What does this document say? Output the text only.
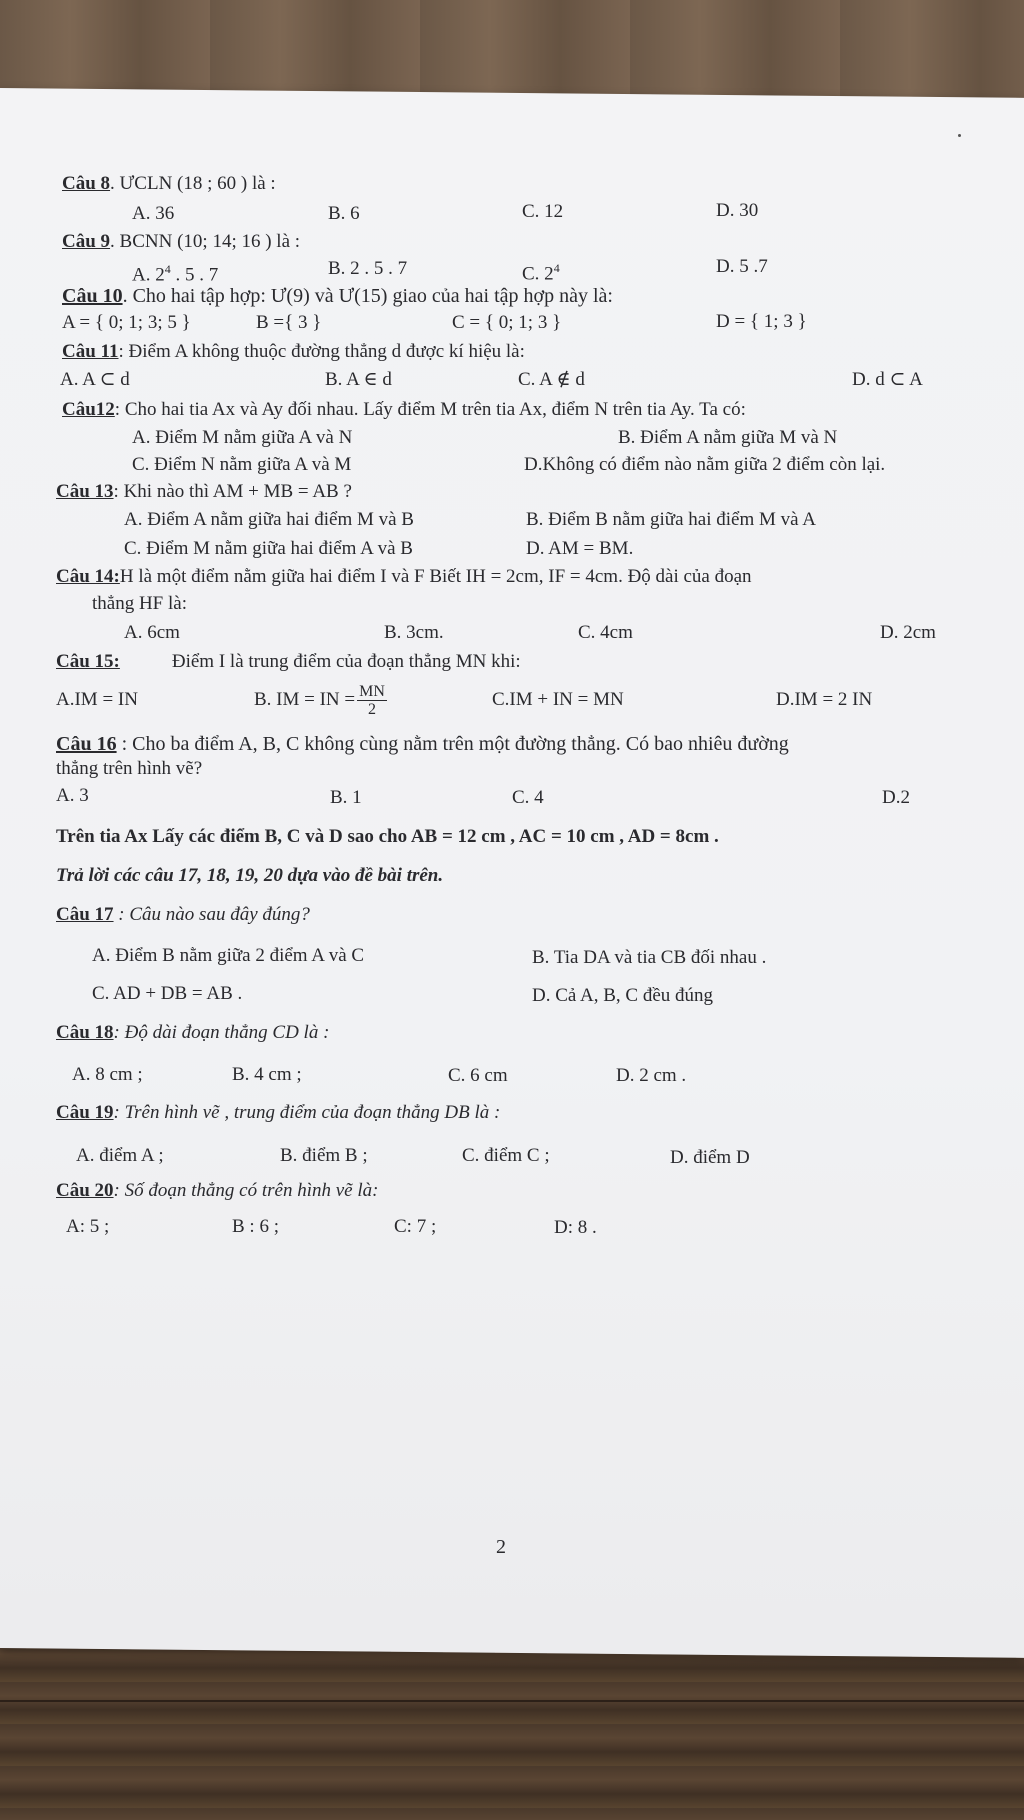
Câu 8. ƯCLN (18 ; 60 ) là :
A. 36	B. 6	C. 12	D. 30
Câu 9. BCNN (10; 14; 16 ) là :
A. $2^4$ . 5 . 7	B. 2 . 5 . 7	C. $2^4$	D. 5 .7
Câu 10. Cho hai tập hợp: Ư(9) và Ư(15) giao của hai tập hợp này là:
A = { 0; 1; 3; 5 }	B ={ 3 }	C = { 0; 1; 3 }	D = { 1; 3 }
Câu 11: Điểm A không thuộc đường thẳng d được kí hiệu là:
A. A ⊂ d	B. A ∈ d	C. A ∉ d	D. d ⊂ A
Câu12: Cho hai tia Ax và Ay đối nhau. Lấy điểm M trên tia Ax, điểm N trên tia Ay. Ta có:
A. Điểm M nằm giữa A và N	B. Điểm A nằm giữa M và N
C. Điểm N nằm giữa A và M	D.Không có điểm nào nằm giữa 2 điểm còn lại.
Câu 13: Khi nào thì AM + MB = AB ?
A. Điểm A nằm giữa hai điểm M và B	B. Điểm B nằm giữa hai điểm M và A
C. Điểm M nằm giữa hai điểm A và B	D. AM = BM.
Câu 14:H là một điểm nằm giữa hai điểm I và F Biết IH = 2cm, IF = 4cm. Độ dài của đoạn
thẳng HF là:
A. 6cm	B. 3cm.	C. 4cm	D. 2cm
Câu 15:	Điểm I là trung điểm của đoạn thẳng MN khi:
A.IM = IN	B. IM = IN = $\frac{MN}{2}$	C.IM + IN = MN	D.IM = 2 IN
Câu 16 : Cho ba điểm A, B, C không cùng nằm trên một đường thẳng. Có bao nhiêu đường
thẳng trên hình vẽ?
A. 3	B. 1	C. 4	D.2
Trên tia Ax Lấy các điểm B, C và D sao cho AB = 12 cm , AC = 10 cm , AD = 8cm .
Trả lời các câu 17, 18, 19, 20 dựa vào đề bài trên.
Câu 17 : Câu nào sau đây đúng?
A. Điểm B nằm giữa 2 điểm A và C	B. Tia DA và tia CB đối nhau .
C. AD + DB = AB .	D. Cả A, B, C đều đúng
Câu 18: Độ dài đoạn thẳng CD là :
A. 8 cm ;	B. 4 cm ;	C. 6 cm	D. 2 cm .
Câu 19: Trên hình vẽ , trung điểm của đoạn thẳng DB là :
A. điểm A ;	B. điểm B ;	C. điểm C ;	D. điểm D
Câu 20: Số đoạn thẳng có trên hình vẽ là:
A: 5 ;	B : 6 ;	C: 7 ;	D: 8 .
2
